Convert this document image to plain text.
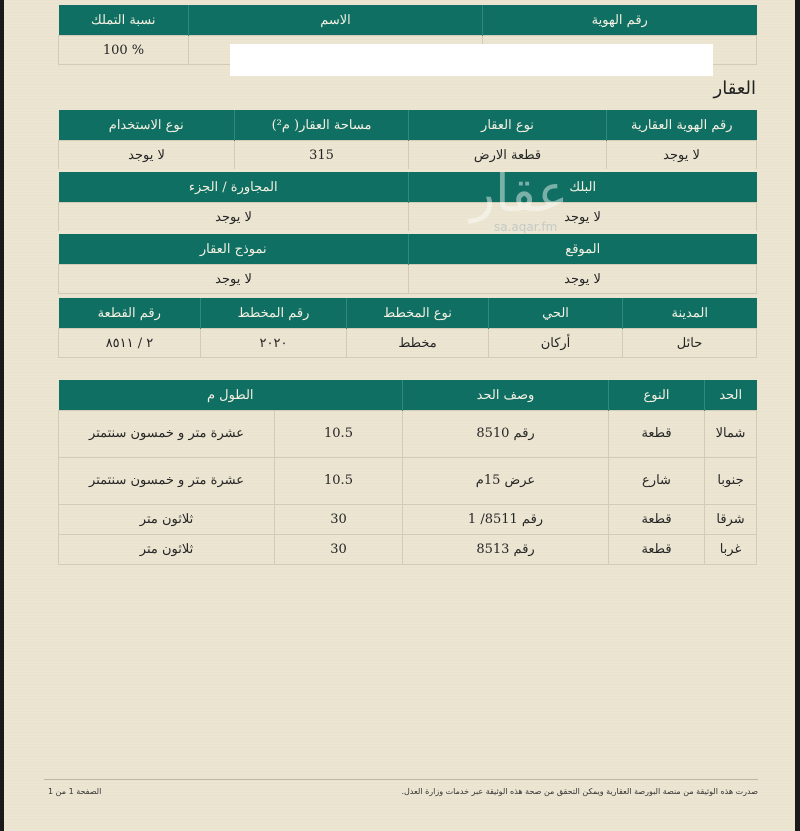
رقم الهوية	الاسم	نسبة التملك
		% 100
العقار
رقم الهوية العقارية	نوع العقار	مساحة العقار( م²)	نوع الاستخدام
لا يوجد	قطعة الارض	315	لا يوجد
البلك		المجاورة / الجزء	
لا يوجد		لا يوجد	
الموقع		نموذج العقار	
لا يوجد		لا يوجد	
عقار
sa.aqar.fm
المدينة	الحي	نوع المخطط	رقم المخطط	رقم القطعة
حائل	أركان	مخطط	٢٠٢٠	٢ / ٨٥١١
الحد	النوع	وصف الحد	الطول م	
شمالا	قطعة	رقم 8510	10.5	عشرة متر و خمسون سنتمتر
جنوبا	شارع	عرض 15م	10.5	عشرة متر و خمسون سنتمتر
شرقا	قطعة	رقم 8511/ 1	30	ثلاثون متر
غربا	قطعة	رقم 8513	30	ثلاثون متر
صدرت هذه الوثيقة من منصة البورصة العقارية ويمكن التحقق من صحة هذه الوثيقة عبر خدمات وزارة العدل.
الصفحة 1 من 1
